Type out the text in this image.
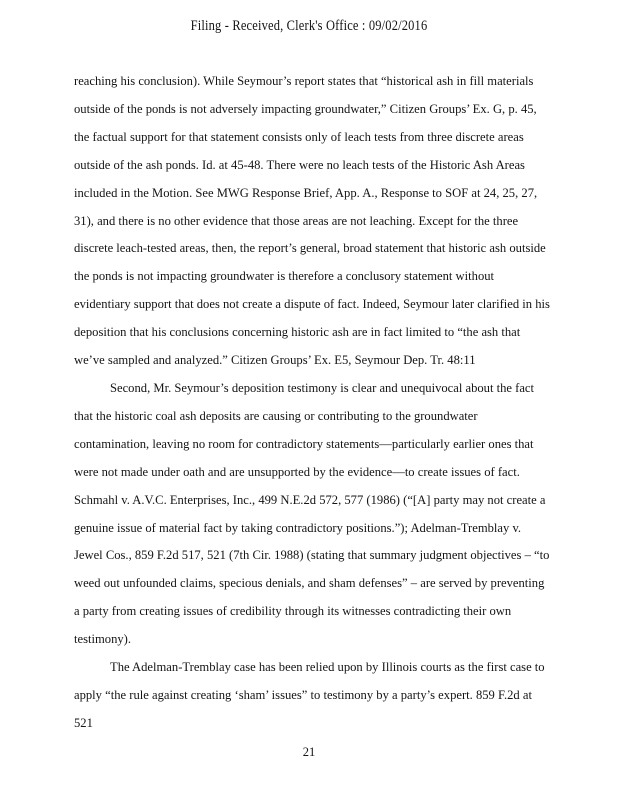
Filing - Received, Clerk's Office : 09/02/2016

reaching his conclusion). While Seymour’s report states that “historical ash in fill materials outside of the ponds is not adversely impacting groundwater,” Citizen Groups’ Ex. G, p. 45, the factual support for that statement consists only of leach tests from three discrete areas outside of the ash ponds. Id. at 45-48. There were no leach tests of the Historic Ash Areas included in the Motion. See MWG Response Brief, App. A., Response to SOF at 24, 25, 27, 31), and there is no other evidence that those areas are not leaching. Except for the three discrete leach-tested areas, then, the report’s general, broad statement that historic ash outside the ponds is not impacting groundwater is therefore a conclusory statement without evidentiary support that does not create a dispute of fact. Indeed, Seymour later clarified in his deposition that his conclusions concerning historic ash are in fact limited to “the ash that we’ve sampled and analyzed.” Citizen Groups’ Ex. E5, Seymour Dep. Tr. 48:11

Second, Mr. Seymour’s deposition testimony is clear and unequivocal about the fact that the historic coal ash deposits are causing or contributing to the groundwater contamination, leaving no room for contradictory statements—particularly earlier ones that were not made under oath and are unsupported by the evidence—to create issues of fact. Schmahl v. A.V.C. Enterprises, Inc., 499 N.E.2d 572, 577 (1986) (“[A] party may not create a genuine issue of material fact by taking contradictory positions.”); Adelman-Tremblay v. Jewel Cos., 859 F.2d 517, 521 (7th Cir. 1988) (stating that summary judgment objectives – “to weed out unfounded claims, specious denials, and sham defenses” – are served by preventing a party from creating issues of credibility through its witnesses contradicting their own testimony).

The Adelman-Tremblay case has been relied upon by Illinois courts as the first case to apply “the rule against creating ‘sham’ issues” to testimony by a party’s expert. 859 F.2d at 521

21
